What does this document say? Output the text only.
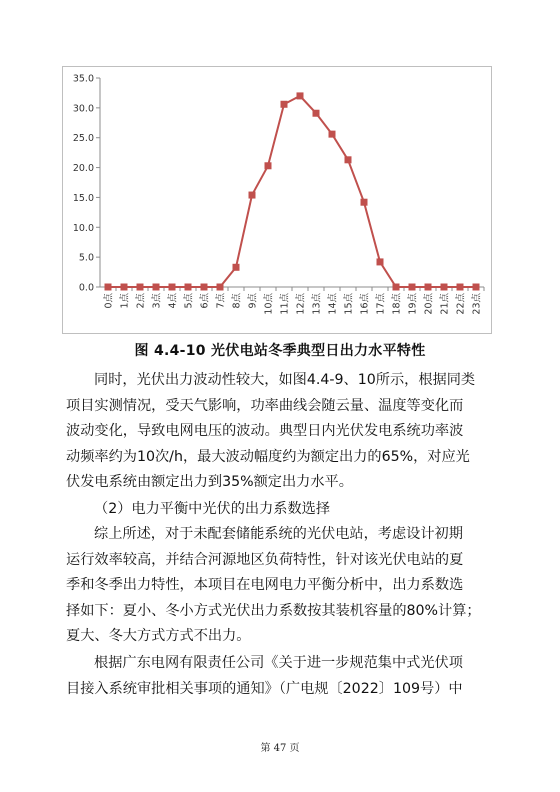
0.0
5.0
10.0
15.0
20.0
25.0
30.0
35.0
0点 1点 2点 3点 4点 5点 6点 7点 8点 9点 10点 11点 12点 13点 14点 15点 16点 17点 18点 19点 20点 21点 22点 23点
图 4.4-10 光伏电站冬季典型日出力水平特性
同时，光伏出力波动性较大，如图4.4-9、10所示，根据同类
项目实测情况，受天气影响，功率曲线会随云量、温度等变化而
波动变化，导致电网电压的波动。典型日内光伏发电系统功率波
动频率约为10次/h，最大波动幅度约为额定出力的65%，对应光
伏发电系统由额定出力到35%额定出力水平。
（2）电力平衡中光伏的出力系数选择
综上所述，对于未配套储能系统的光伏电站，考虑设计初期
运行效率较高，并结合河源地区负荷特性，针对该光伏电站的夏
季和冬季出力特性，本项目在电网电力平衡分析中，出力系数选
择如下：夏小、冬小方式光伏出力系数按其装机容量的80%计算；
夏大、冬大方式方式不出力。
根据广东电网有限责任公司《关于进一步规范集中式光伏项
目接入系统审批相关事项的通知》（广电规〔2022〕109号）中
第 47 页
